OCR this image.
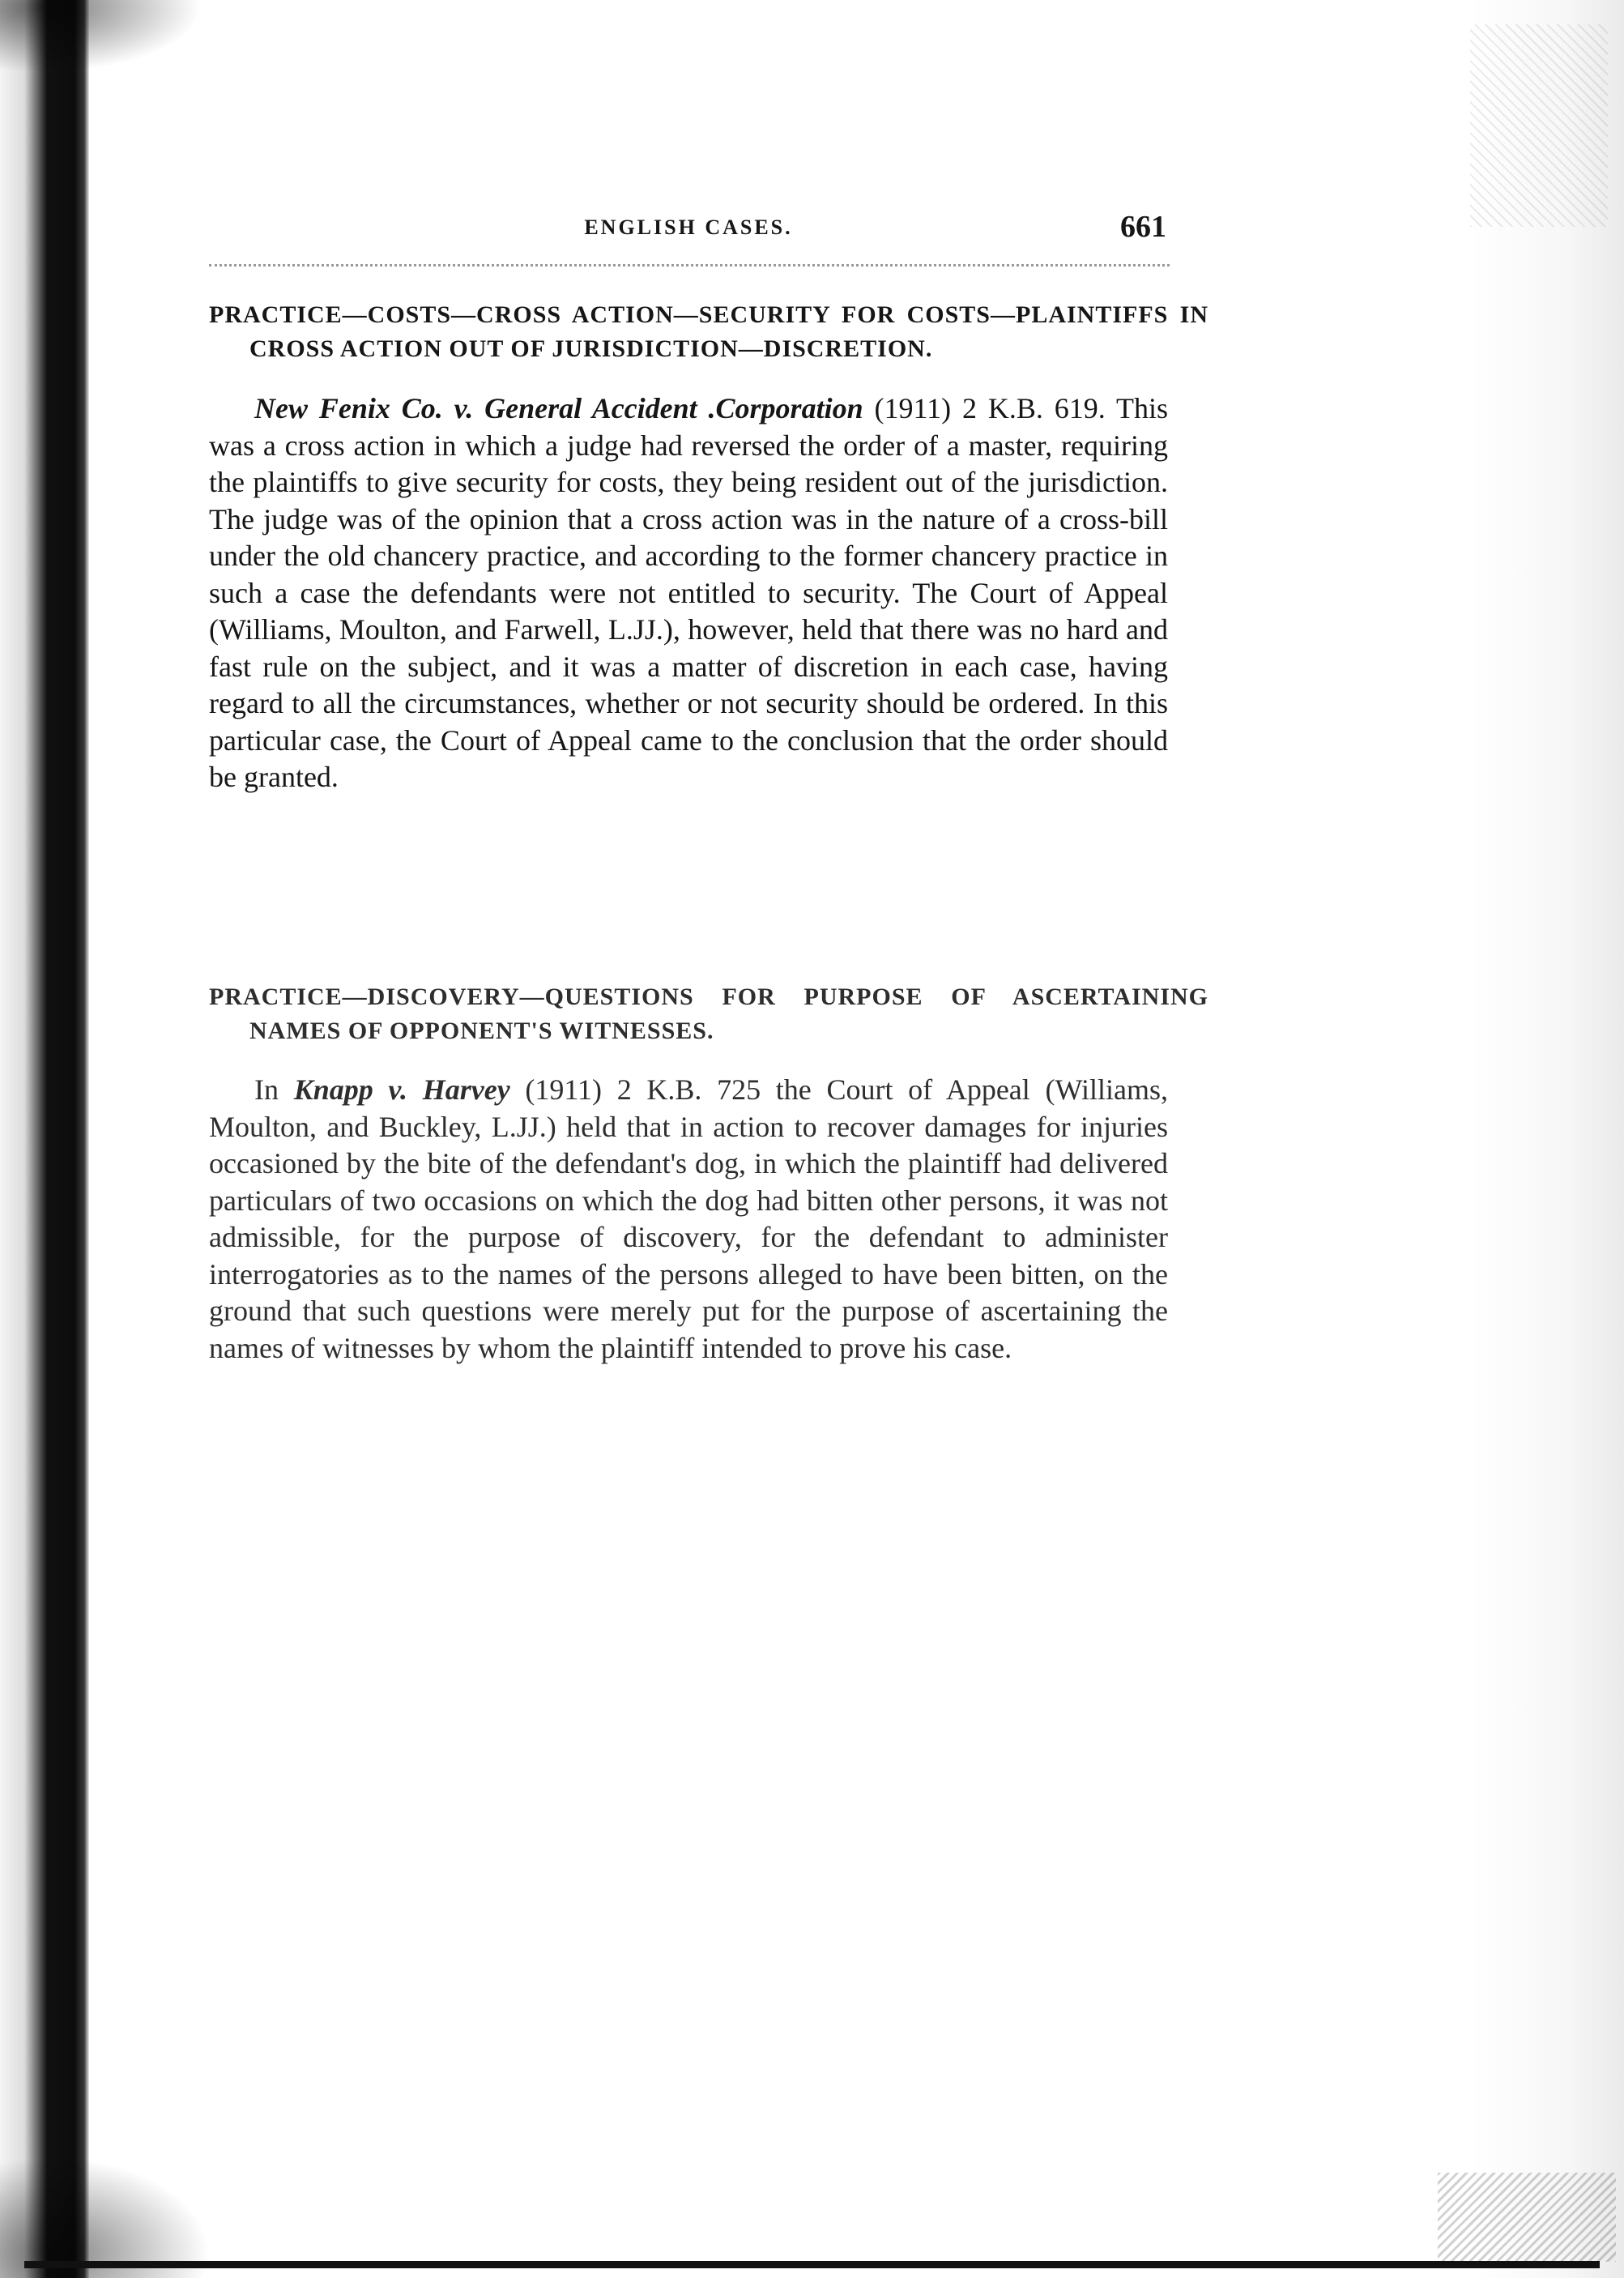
ENGLISH CASES.	661
PRACTICE—COSTS—CROSS ACTION—SECURITY FOR COSTS—PLAINTIFFS IN CROSS ACTION OUT OF JURISDICTION—DISCRETION.

New Fenix Co. v. General Accident .Corporation (1911) 2 K.B. 619. This was a cross action in which a judge had reversed the order of a master, requiring the plaintiffs to give security for costs, they being resident out of the jurisdiction. The judge was of the opinion that a cross action was in the nature of a cross-bill under the old chancery practice, and according to the former chancery practice in such a case the defendants were not entitled to security. The Court of Appeal (Williams, Moulton, and Farwell, L.JJ.), however, held that there was no hard and fast rule on the subject, and it was a matter of discretion in each case, having regard to all the circumstances, whether or not security should be ordered. In this particular case, the Court of Appeal came to the conclusion that the order should be granted.

PRACTICE—DISCOVERY—QUESTIONS FOR PURPOSE OF ASCERTAINING NAMES OF OPPONENT'S WITNESSES.

In Knapp v. Harvey (1911) 2 K.B. 725 the Court of Appeal (Williams, Moulton, and Buckley, L.JJ.) held that in action to recover damages for injuries occasioned by the bite of the defendant's dog, in which the plaintiff had delivered particulars of two occasions on which the dog had bitten other persons, it was not admissible, for the purpose of discovery, for the defendant to administer interrogatories as to the names of the persons alleged to have been bitten, on the ground that such questions were merely put for the purpose of ascertaining the names of witnesses by whom the plaintiff intended to prove his case.
